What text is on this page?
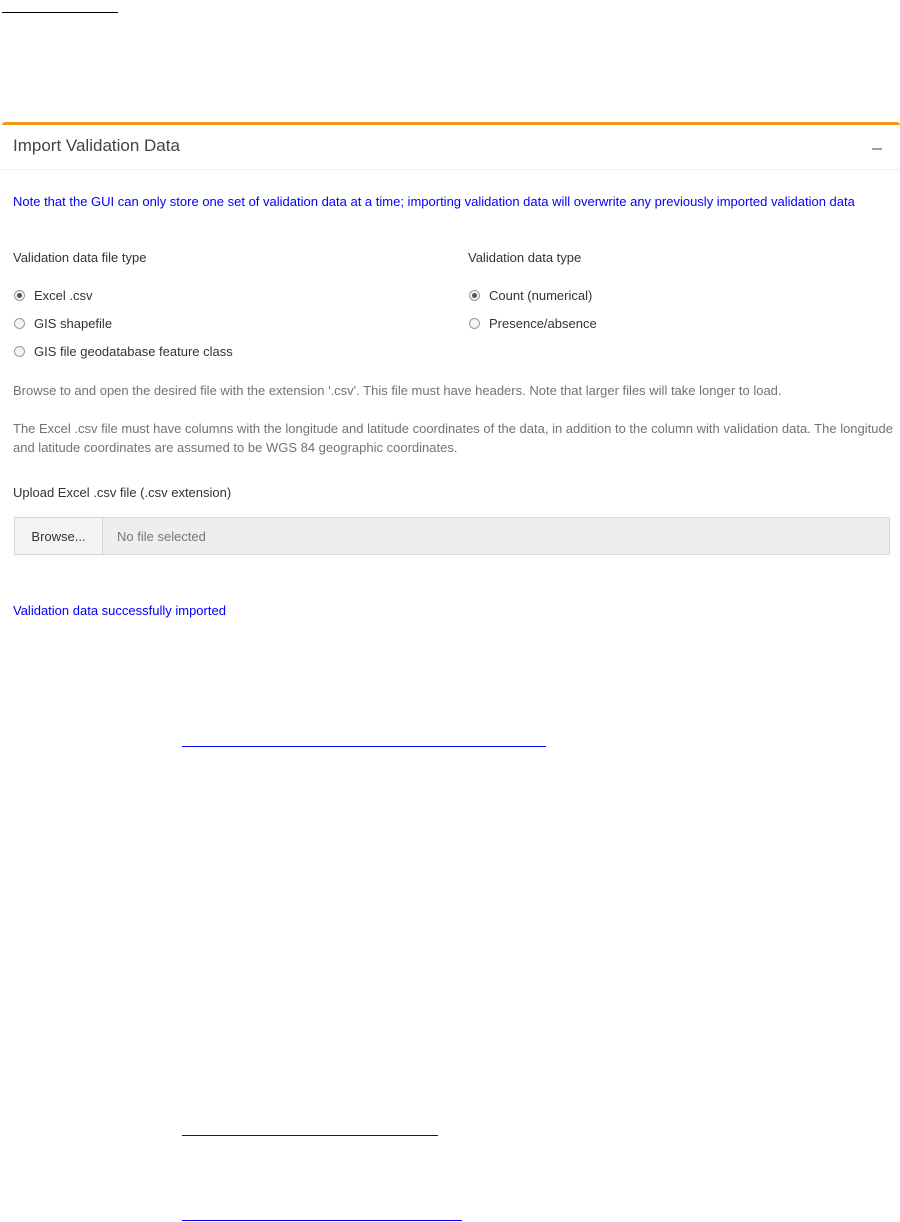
Import Validation Data
Note that the GUI can only store one set of validation data at a time; importing validation data will overwrite any previously imported validation data
Validation data file type	Validation data type
Excel .csv
GIS shapefile
GIS file geodatabase feature class
Count (numerical)
Presence/absence
Browse to and open the desired file with the extension '.csv'. This file must have headers. Note that larger files will take longer to load.
The Excel .csv file must have columns with the longitude and latitude coordinates of the data, in addition to the column with validation data. The longitude and latitude coordinates are assumed to be WGS 84 geographic coordinates.
Upload Excel .csv file (.csv extension)
Browse...	No file selected
Validation data successfully imported
